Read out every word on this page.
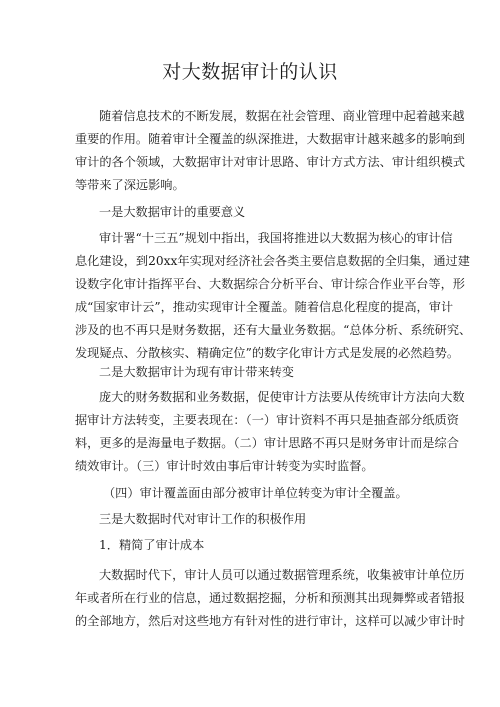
对大数据审计的认识
随着信息技术的不断发展，数据在社会管理、商业管理中起着越来越
重要的作用。随着审计全覆盖的纵深推进，大数据审计越来越多的影响到
审计的各个领域，大数据审计对审计思路、审计方式方法、审计组织模式
等带来了深远影响。
一是大数据审计的重要意义
审计署“十三五”规划中指出，我国将推进以大数据为核心的审计信
息化建设，到20xx年实现对经济社会各类主要信息数据的全归集，通过建
设数字化审计指挥平台、大数据综合分析平台、审计综合作业平台等，形
成“国家审计云”，推动实现审计全覆盖。随着信息化程度的提高，审计
涉及的也不再只是财务数据，还有大量业务数据。“总体分析、系统研究、
发现疑点、分散核实、精确定位”的数字化审计方式是发展的必然趋势。
二是大数据审计为现有审计带来转变
庞大的财务数据和业务数据，促使审计方法要从传统审计方法向大数
据审计方法转变，主要表现在：（一）审计资料不再只是抽查部分纸质资
料，更多的是海量电子数据。（二）审计思路不再只是财务审计而是综合
绩效审计。（三）审计时效由事后审计转变为实时监督。
（四）审计覆盖面由部分被审计单位转变为审计全覆盖。
三是大数据时代对审计工作的积极作用
1．精简了审计成本
大数据时代下，审计人员可以通过数据管理系统，收集被审计单位历
年或者所在行业的信息，通过数据挖掘，分析和预测其出现舞弊或者错报
的全部地方，然后对这些地方有针对性的进行审计，这样可以减少审计时
